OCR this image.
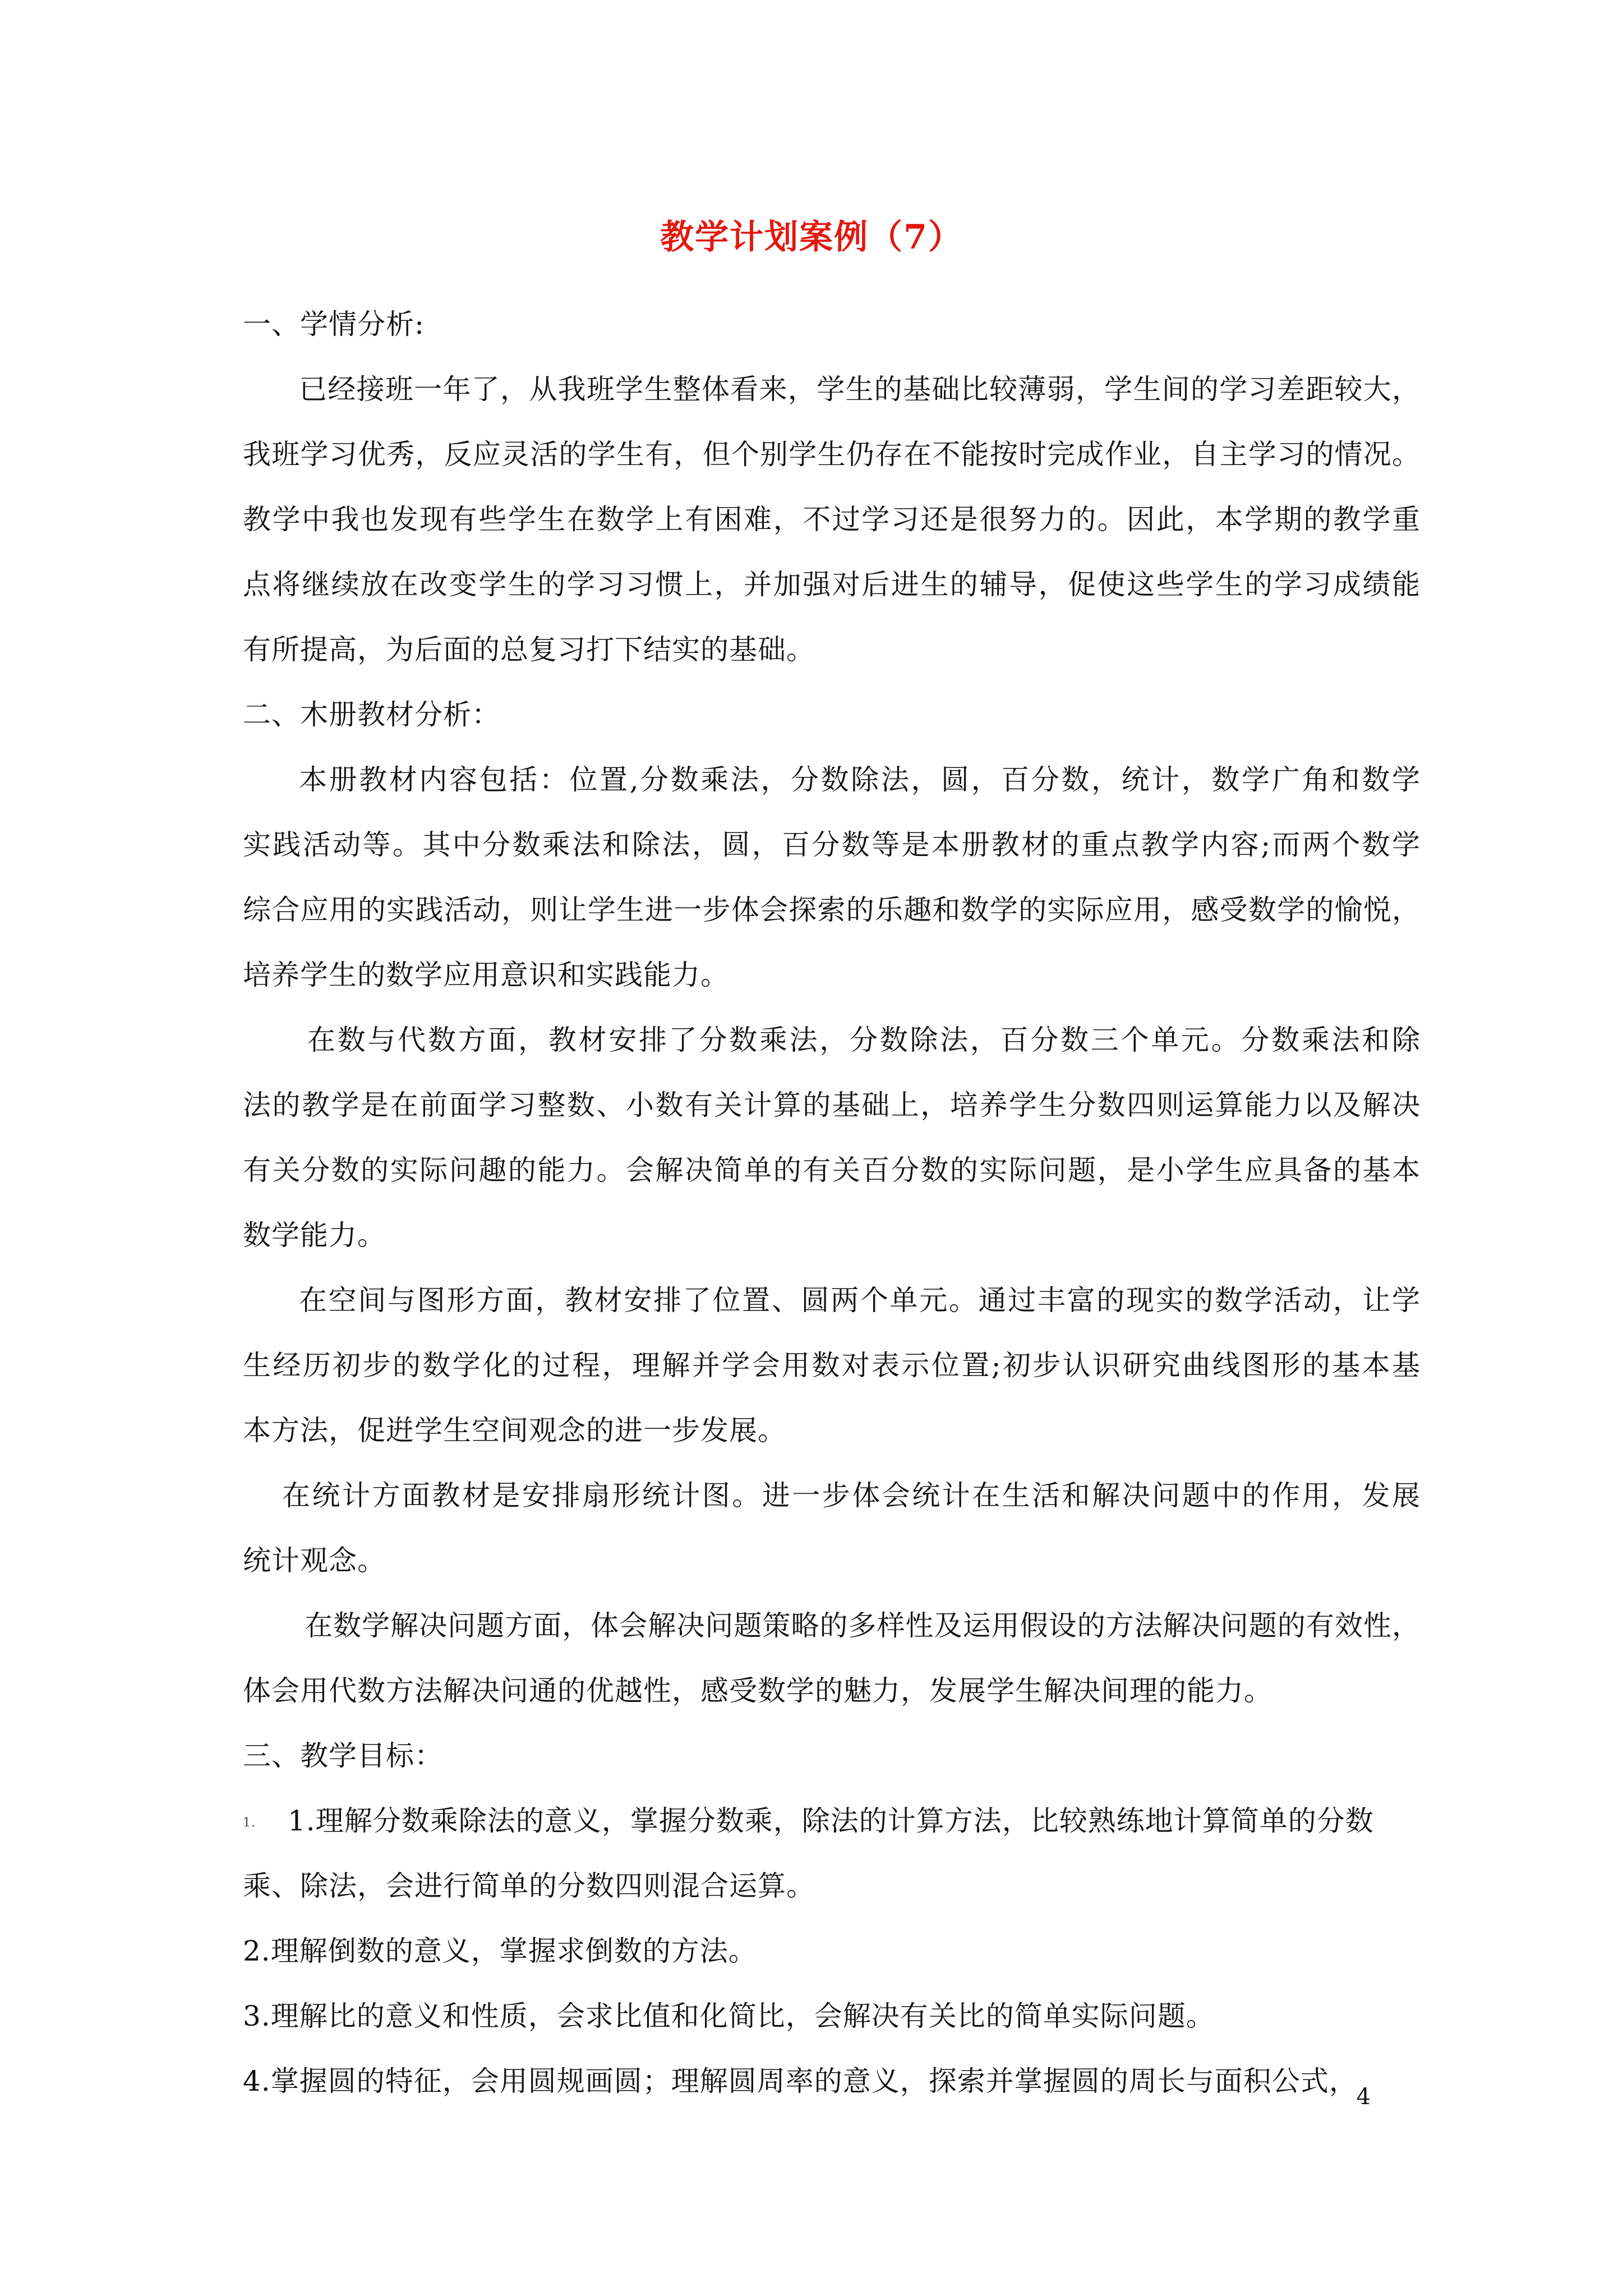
教学计划案例（7）
一、学情分析:
已经接班一年了，从我班学生整体看来，学生的基础比较薄弱，学生间的学习差距较大，
我班学习优秀，反应灵活的学生有，但个别学生仍存在不能按时完成作业，自主学习的情况。
教学中我也发现有些学生在数学上有困难，不过学习还是很努力的。因此，本学期的教学重
点将继续放在改变学生的学习习惯上，并加强对后进生的辅导，促使这些学生的学习成绩能
有所提高，为后面的总复习打下结实的基础。
二、木册教材分析：
本册教材内容包括：位置,分数乘法，分数除法，圆，百分数，统计，数学广角和数学
实践活动等。其中分数乘法和除法，圆，百分数等是本册教材的重点教学内容;而两个数学
综合应用的实践活动，则让学生进一步体会探索的乐趣和数学的实际应用，感受数学的愉悦，
培养学生的数学应用意识和实践能力。
在数与代数方面，教材安排了分数乘法，分数除法，百分数三个单元。分数乘法和除
法的教学是在前面学习整数、小数有关计算的基础上，培养学生分数四则运算能力以及解决
有关分数的实际问趣的能力。会解决简单的有关百分数的实际问题，是小学生应具备的基本
数学能力。
在空间与图形方面，教材安排了位置、圆两个单元。通过丰富的现实的数学活动，让学
生经历初步的数学化的过程，理解并学会用数对表示位置;初步认识研究曲线图形的基本基
本方法，促逬学生空间观念的进一步发展。
在统计方面教材是安排扇形统计图。进一步体会统计在生活和解决问题中的作用，发展
统计观念。
在数学解决问题方面，体会解决问题策略的多样性及运用假设的方法解决问题的有效性，
体会用代数方法解决问通的优越性，感受数学的魅力，发展学生解决间理的能力。
三、教学目标：
1. 1.理解分数乘除法的意义，掌握分数乘，除法的计算方法，比较熟练地计算简单的分数
乘、除法，会进行简单的分数四则混合运算。
2.理解倒数的意义，掌握求倒数的方法。
3.理解比的意义和性质，会求比值和化简比，会解决有关比的简单实际问题。
4.掌握圆的特征，会用圆规画圆；理解圆周率的意义，探索并掌握圆的周长与面积公式，
4
